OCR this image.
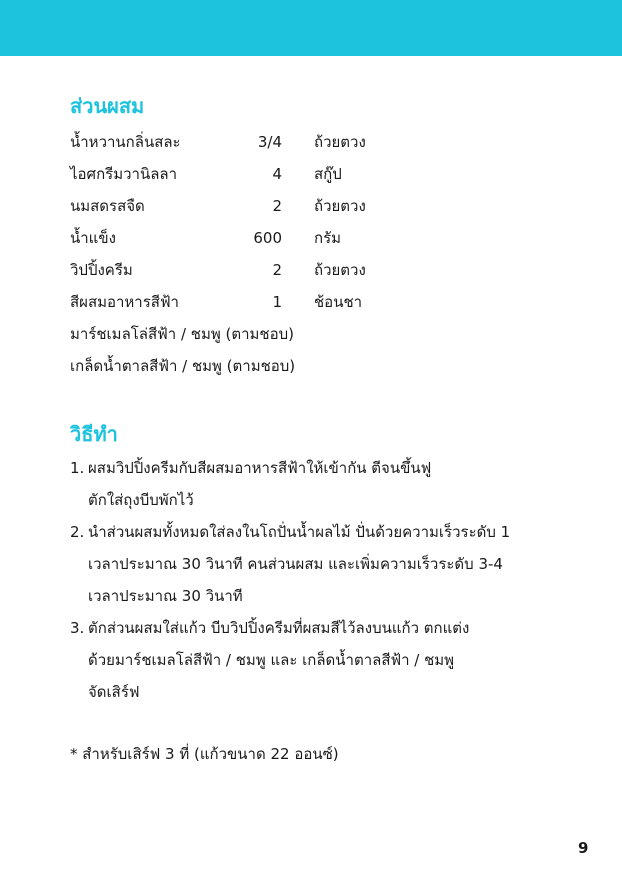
ส่วนผสม
น้ำหวานกลิ่นสละ	3/4 ถ้วยตวง
ไอศกรีมวานิลลา	4 สกู๊ป
นมสดรสจืด	2 ถ้วยตวง
น้ำแข็ง	600 กรัม
วิปปิ้งครีม	2 ถ้วยตวง
สีผสมอาหารสีฟ้า	1 ช้อนชา
มาร์ชเมลโล่สีฟ้า / ชมพู (ตามชอบ)
เกล็ดน้ำตาลสีฟ้า / ชมพู (ตามชอบ)
วิธีทำ
1. ผสมวิปปิ้งครีมกับสีผสมอาหารสีฟ้าให้เข้ากัน ตีจนขึ้นฟู
ตักใส่ถุงบีบพักไว้
2. นำส่วนผสมทั้งหมดใส่ลงในโถปั่นน้ำผลไม้ ปั่นด้วยความเร็วระดับ 1
เวลาประมาณ 30 วินาที คนส่วนผสม และเพิ่มความเร็วระดับ 3-4
เวลาประมาณ 30 วินาที
3. ตักส่วนผสมใส่แก้ว บีบวิปปิ้งครีมที่ผสมสีไว้ลงบนแก้ว ตกแต่ง
ด้วยมาร์ชเมลโล่สีฟ้า / ชมพู และ เกล็ดน้ำตาลสีฟ้า / ชมพู
จัดเสิร์ฟ

* สำหรับเสิร์ฟ 3 ที่ (แก้วขนาด 22 ออนซ์)

9
